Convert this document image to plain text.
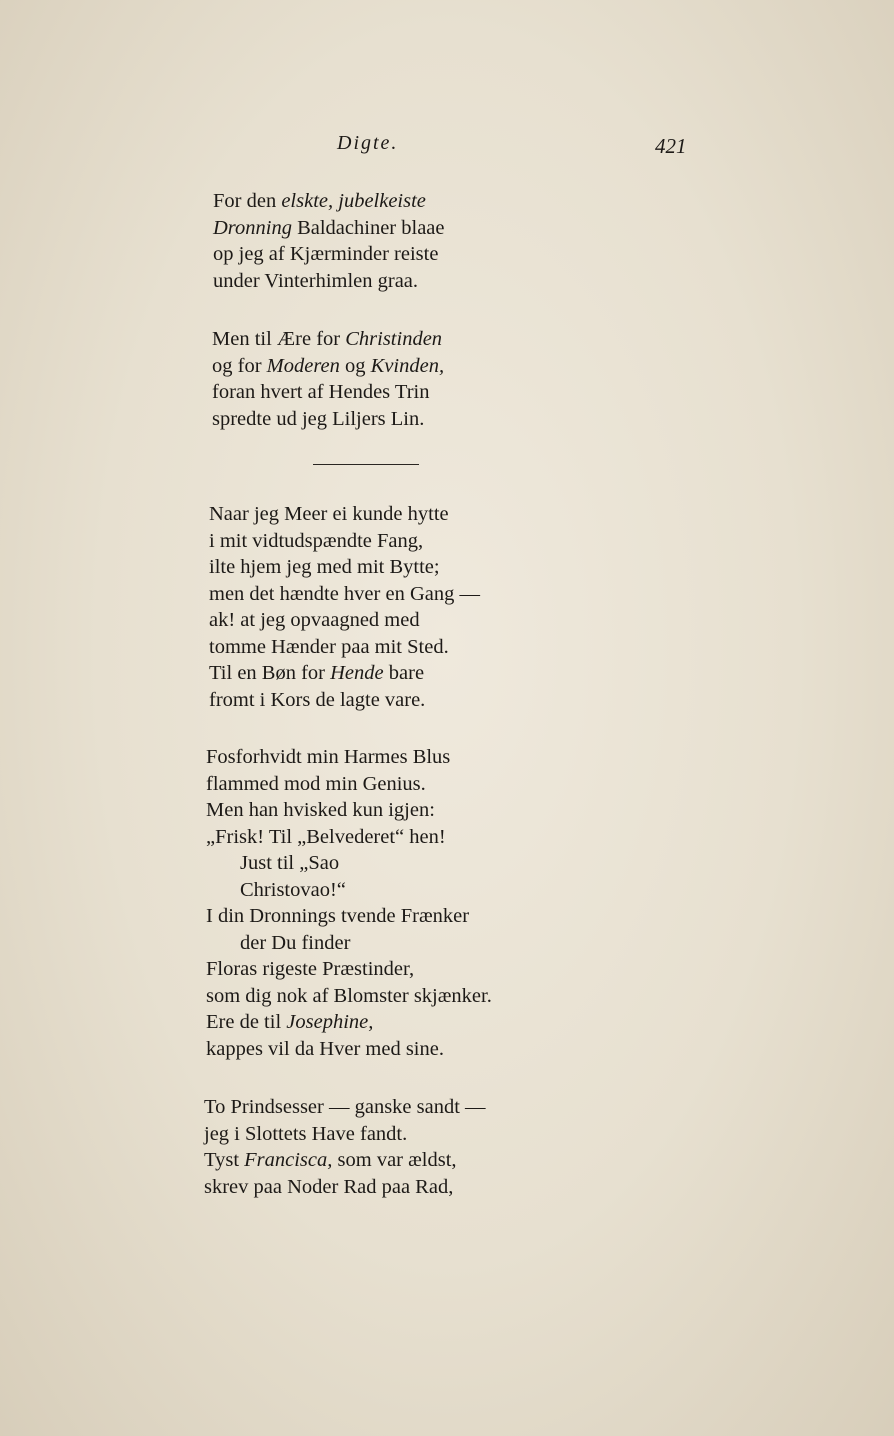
Digte.	421
For den elskte, jubelkeiste
Dronning Baldachiner blaae
op jeg af Kjærminder reiste
under Vinterhimlen graa.
Men til Ære for Christinden
og for Moderen og Kvinden,
foran hvert af Hendes Trin
spredte ud jeg Liljers Lin.
Naar jeg Meer ei kunde hytte
i mit vidtudspændte Fang,
ilte hjem jeg med mit Bytte;
men det hændte hver en Gang —
ak! at jeg opvaagned med
tomme Hænder paa mit Sted.
Til en Bøn for Hende bare
fromt i Kors de lagte vare.
Fosforhvidt min Harmes Blus
flammed mod min Genius.
Men han hvisked kun igjen:
„Frisk! Til „Belvederet“ hen!
Just til „Sao
Christovao!“
I din Dronnings tvende Frænker
der Du finder
Floras rigeste Præstinder,
som dig nok af Blomster skjænker.
Ere de til Josephine,
kappes vil da Hver med sine.
To Prindsesser — ganske sandt —
jeg i Slottets Have fandt.
Tyst Francisca, som var ældst,
skrev paa Noder Rad paa Rad,
